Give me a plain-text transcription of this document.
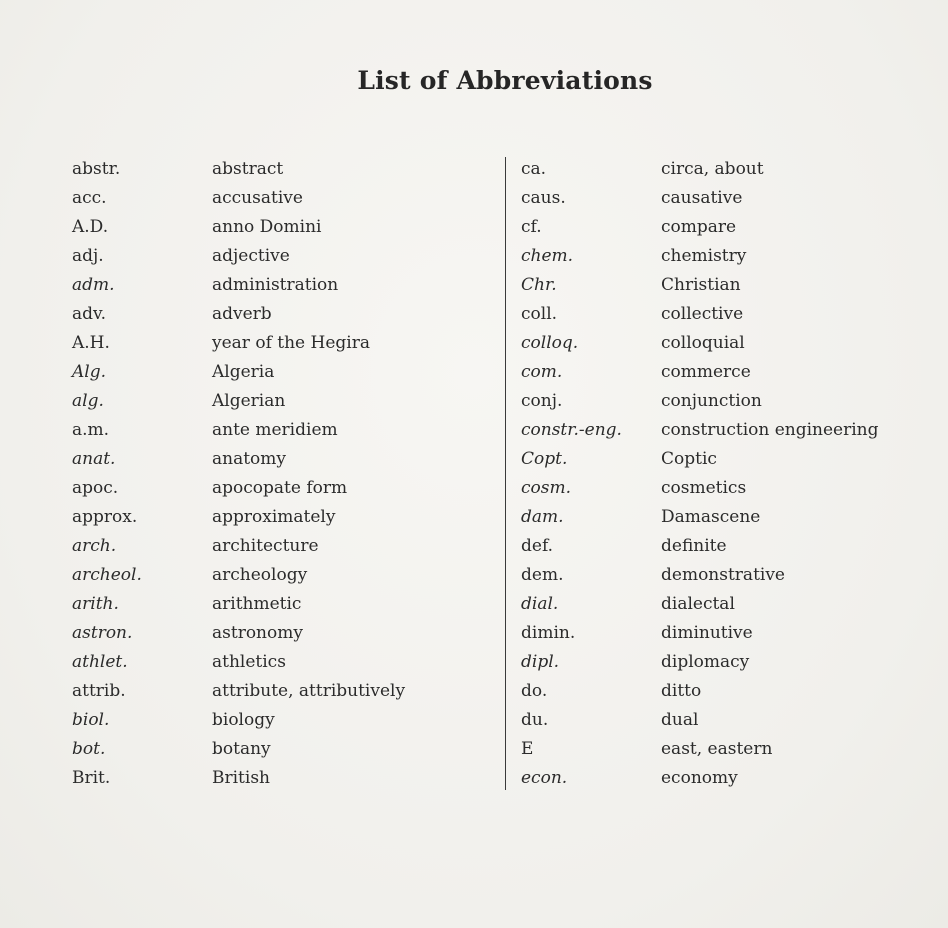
List of Abbreviations
abstr.	abstract
acc.	accusative
A.D.	anno Domini
adj.	adjective
adm.	administration
adv.	adverb
A.H.	year of the Hegira
Alg.	Algeria
alg.	Algerian
a.m.	ante meridiem
anat.	anatomy
apoc.	apocopate form
approx.	approximately
arch.	architecture
archeol.	archeology
arith.	arithmetic
astron.	astronomy
athlet.	athletics
attrib.	attribute, attributively
biol.	biology
bot.	botany
Brit.	British
ca.	circa, about
caus.	causative
cf.	compare
chem.	chemistry
Chr.	Christian
coll.	collective
colloq.	colloquial
com.	commerce
conj.	conjunction
constr.-eng.	construction engineering
Copt.	Coptic
cosm.	cosmetics
dam.	Damascene
def.	definite
dem.	demonstrative
dial.	dialectal
dimin.	diminutive
dipl.	diplomacy
do.	ditto
du.	dual
E	east, eastern
econ.	economy
